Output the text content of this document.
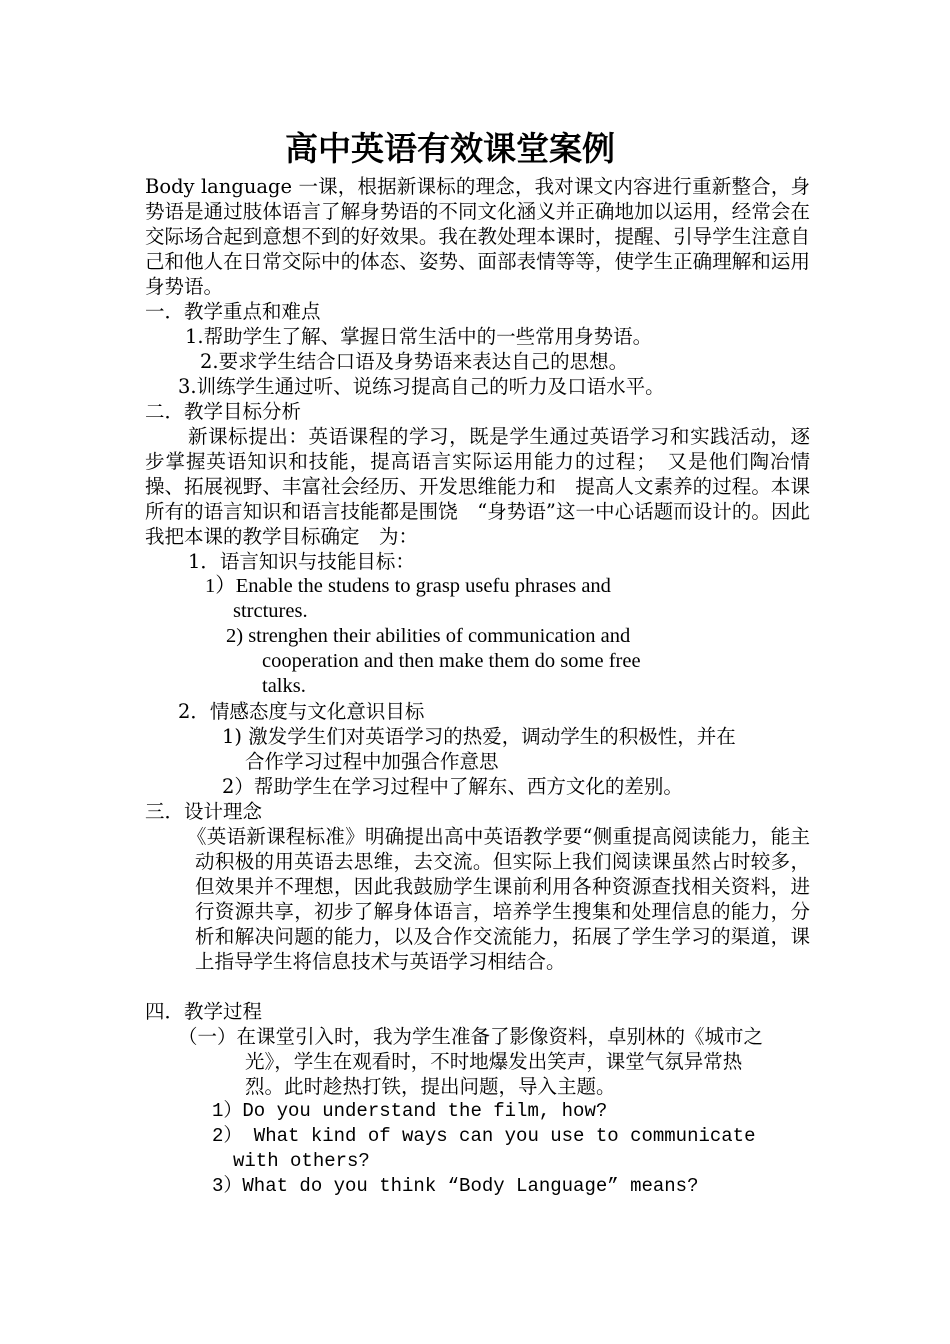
高中英语有效课堂案例
Body language 一课，根据新课标的理念，我对课文内容进行重新整合，身势语是通过肢体语言了解身势语的不同文化涵义并正确地加以运用，经常会在交际场合起到意想不到的好效果。我在教处理本课时，提醒、引导学生注意自己和他人在日常交际中的体态、姿势、面部表情等等，使学生正确理解和运用身势语。
一．教学重点和难点
1.帮助学生了解、掌握日常生活中的一些常用身势语。
2.要求学生结合口语及身势语来表达自己的思想。
3.训练学生通过听、说练习提高自己的听力及口语水平。
二．教学目标分析
新课标提出：英语课程的学习，既是学生通过英语学习和实践活动，逐步掌握英语知识和技能，提高语言实际运用能力的过程；　又是他们陶冶情操、拓展视野、丰富社会经历、开发思维能力和　提高人文素养的过程。本课所有的语言知识和语言技能都是围饶　“身势语”这一中心话题而设计的。因此我把本课的教学目标确定　为：
1．语言知识与技能目标：
1）Enable the studens to grasp usefu phrases and
strctures.
2) strenghen their abilities of communication and
cooperation and then make them do some free
talks.
2．情感态度与文化意识目标
1) 激发学生们对英语学习的热爱，调动学生的积极性，并在
合作学习过程中加强合作意思
2）帮助学生在学习过程中了解东、西方文化的差别。
三．设计理念
《英语新课程标准》明确提出高中英语教学要“侧重提高阅读能力，能主动积极的用英语去思维，去交流。但实际上我们阅读课虽然占时较多，但效果并不理想，因此我鼓励学生课前利用各种资源查找相关资料，进行资源共享，初步了解身体语言，培养学生搜集和处理信息的能力，分析和解决问题的能力，以及合作交流能力，拓展了学生学习的渠道，课上指导学生将信息技术与英语学习相结合。
四．教学过程
（一）在课堂引入时，我为学生准备了影像资料，卓别林的《城市之
光》，学生在观看时，不时地爆发出笑声，课堂气氛异常热
烈。此时趁热打铁，提出问题，导入主题。
1）Do you understand the film, how?
2） What kind of ways can you use to communicate
with others?
3）What do you think “Body Language” means?
